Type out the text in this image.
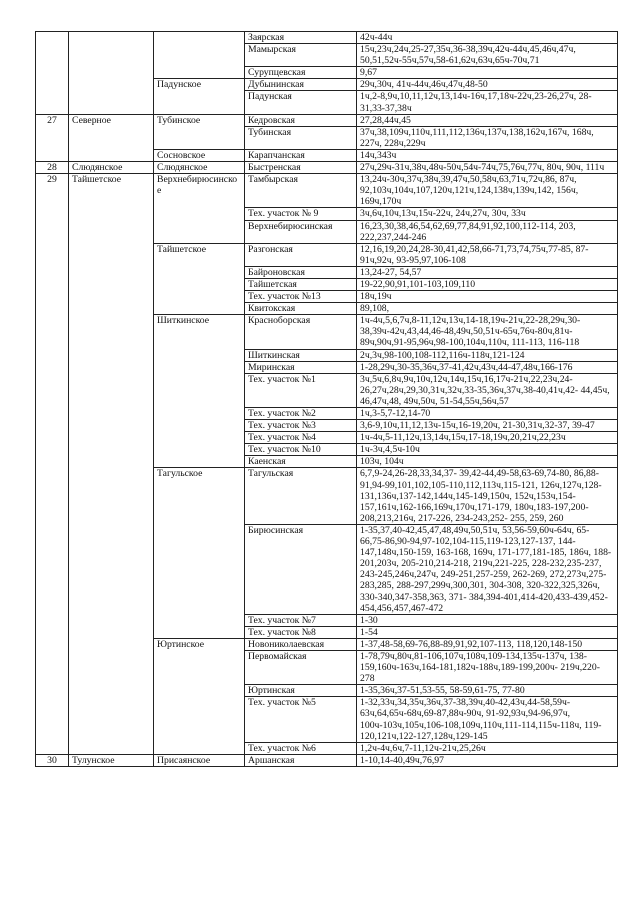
			Заярская	42ч-44ч
			Мамырская	15ч,23ч,24ч,25-27,35ч,36-38,39ч,42ч-44ч,45,46ч,47ч, 50,51,52ч-55ч,57ч,58-61,62ч,63ч,65ч-70ч,71
			Сурупцевская	9,67
		Падунское	Дубынинская	29ч,30ч, 41ч-44ч,46ч,47ч,48-50
			Падунская	1ч,2-8,9ч,10,11,12ч,13,14ч-16ч,17,18ч-22ч,23-26,27ч, 28-31,33-37,38ч
27	Северное	Тубинское	Кедровская	27,28,44ч,45
			Тубинская	37ч,38,109ч,110ч,111,112,136ч,137ч,138,162ч,167ч, 168ч, 227ч, 228ч,229ч
		Сосновское	Карапчанская	14ч,343ч
28	Слюдянское	Слюдянское	Быстренская	27ч,29ч-31ч,38ч,48ч-50ч,54ч-74ч,75,76ч,77ч, 80ч, 90ч, 111ч
29	Тайшетское	Верхнебирюсинское	Тамбырская	13,24ч-30ч,37ч,38ч,39,47ч,50,58ч,63,71ч,72ч,86, 87ч, 92,103ч,104ч,107,120ч,121ч,124,138ч,139ч,142, 156ч, 169ч,170ч
			Тех. участок № 9	3ч,6ч,10ч,13ч,15ч-22ч, 24ч,27ч, 30ч, 33ч
			Верхнебирюсинская	16,23,30,38,46,54,62,69,77,84,91,92,100,112-114, 203, 222,237,244-246
		Тайшетское	Разгонская	12,16,19,20,24,28-30,41,42,58,66-71,73,74,75ч,77-85, 87-91ч,92ч, 93-95,97,106-108
			Байроновская	13,24-27, 54,57
			Тайшетская	19-22,90,91,101-103,109,110
			Тех. участок №13	18ч,19ч
			Квитокская	89,108,
		Шиткинское	Красноборская	1ч-4ч,5,6,7ч,8-11,12ч,13ч,14-18,19ч-21ч,22-28,29ч,30- 38,39ч-42ч,43,44,46-48,49ч,50,51ч-65ч,76ч-80ч,81ч- 89ч,90ч,91-95,96ч,98-100,104ч,110ч, 111-113, 116-118
			Шиткинская	2ч,3ч,98-100,108-112,116ч-118ч,121-124
			Миринская	1-28,29ч,30-35,36ч,37-41,42ч,43ч,44-47,48ч,166-176
			Тех. участок №1	3ч,5ч,6,8ч,9ч,10ч,12ч,14ч,15ч,16,17ч-21ч,22,23ч,24- 26,27ч,28ч,29,30,31ч,32ч,33-35,36ч,37ч,38-40,41ч,42- 44,45ч, 46,47ч,48, 49ч,50ч, 51-54,55ч,56ч,57
			Тех. участок №2	1ч,3-5,7-12,14-70
			Тех. участок №3	3,6-9,10ч,11,12,13ч-15ч,16-19,20ч, 21-30,31ч,32-37, 39-47
			Тех. участок №4	1ч-4ч,5-11,12ч,13,14ч,15ч,17-18,19ч,20,21ч,22,23ч
			Тех. участок №10	1ч-3ч,4,5ч-10ч
			Каенская	103ч, 104ч
		Тагульское	Тагульская	6,7,9-24,26-28,33,34,37- 39,42-44,49-58,63-69,74-80, 86,88-91,94-99,101,102,105-110,112,113ч,115-121, 126ч,127ч,128-131,136ч,137-142,144ч,145-149,150ч, 152ч,153ч,154-157,161ч,162-166,169ч,170ч,171-179, 180ч,183-197,200-208,213,216ч, 217-226, 234-243,252- 255, 259, 260
			Бирюсинская	1-35,37,40-42,45,47,48,49ч,50,51ч, 53,56-59,60ч-64ч, 65-66,75-86,90-94,97-102,104-115,119-123,127-137, 144-147,148ч,150-159, 163-168, 169ч, 171-177,181-185, 186ч, 188-201,203ч, 205-210,214-218, 219ч,221-225, 228-232,235-237, 243-245,246ч,247ч, 249-251,257-259, 262-269, 272,273ч,275-283,285, 288-297,299ч,300,301, 304-308, 320-322,325,326ч, 330-340,347-358,363, 371- 384,394-401,414-420,433-439,452-454,456,457,467-472
			Тех. участок №7	1-30
			Тех. участок №8	1-54
		Юртинское	Новониколаевская	1-37,48-58,69-76,88-89,91,92,107-113, 118,120,148-150
			Первомайская	1-78,79ч,80ч,81-106,107ч,108ч,109-134,135ч-137ч, 138-159,160ч-163ч,164-181,182ч-188ч,189-199,200ч- 219ч,220-278
			Юртинская	1-35,36ч,37-51,53-55, 58-59,61-75, 77-80
			Тех. участок №5	1-32,33ч,34,35ч,36ч,37-38,39ч,40-42,43ч,44-58,59ч- 63ч,64,65ч-68ч,69-87,88ч-90ч, 91-92,93ч,94-96,97ч, 100ч-103ч,105ч,106-108,109ч,110ч,111-114,115ч-118ч, 119-120,121ч,122-127,128ч,129-145
			Тех. участок №6	1,2ч-4ч,6ч,7-11,12ч-21ч,25,26ч
30	Тулунское	Присаянское	Аршанская	1-10,14-40,49ч,76,97
